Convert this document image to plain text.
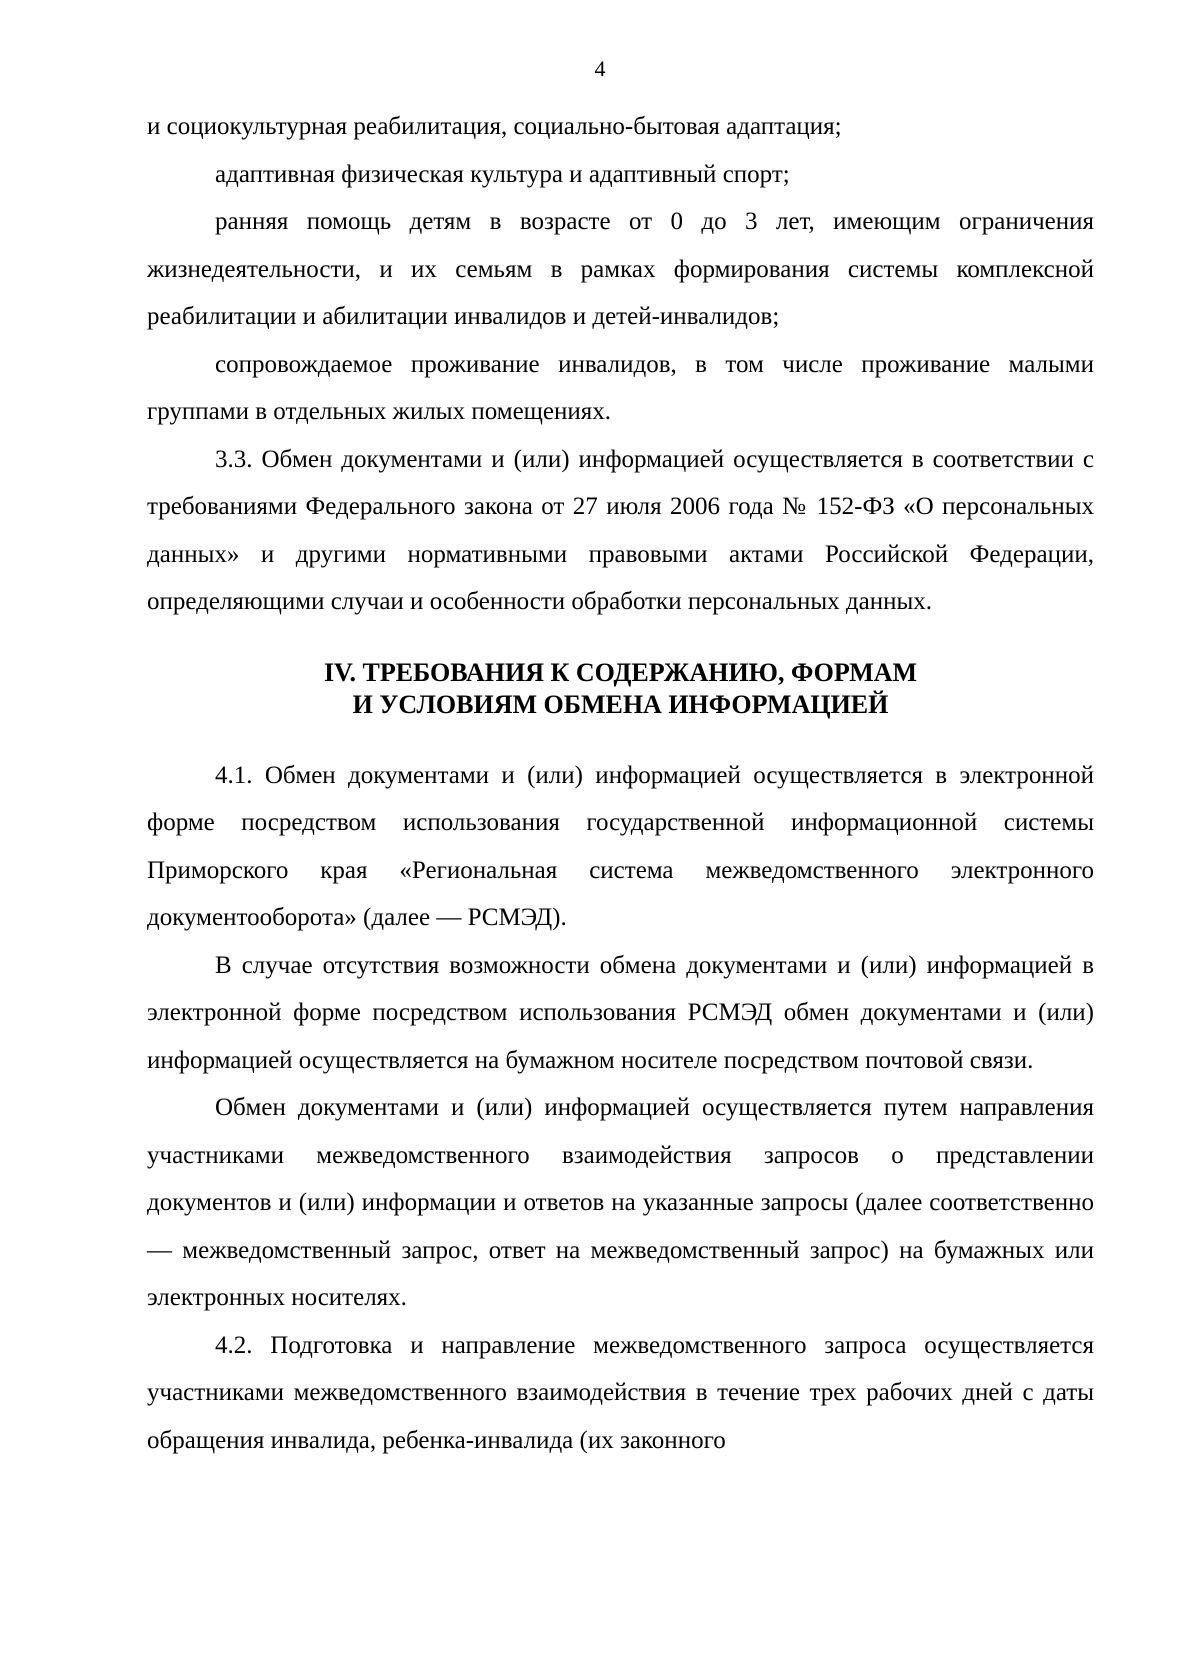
4

и социокультурная реабилитация, социально-бытовая адаптация;

адаптивная физическая культура и адаптивный спорт;

ранняя помощь детям в возрасте от 0 до 3 лет, имеющим ограничения жизнедеятельности, и их семьям в рамках формирования системы комплексной реабилитации и абилитации инвалидов и детей-инвалидов;

сопровождаемое проживание инвалидов, в том числе проживание малыми группами в отдельных жилых помещениях.

3.3. Обмен документами и (или) информацией осуществляется в соответствии с требованиями Федерального закона от 27 июля 2006 года № 152-ФЗ «О персональных данных» и другими нормативными правовыми актами Российской Федерации, определяющими случаи и особенности обработки персональных данных.

IV. ТРЕБОВАНИЯ К СОДЕРЖАНИЮ, ФОРМАМ
И УСЛОВИЯМ ОБМЕНА ИНФОРМАЦИЕЙ

4.1. Обмен документами и (или) информацией осуществляется в электронной форме посредством использования государственной информационной системы Приморского края «Региональная система межведомственного электронного документооборота» (далее — РСМЭД).

В случае отсутствия возможности обмена документами и (или) информацией в электронной форме посредством использования РСМЭД обмен документами и (или) информацией осуществляется на бумажном носителе посредством почтовой связи.

Обмен документами и (или) информацией осуществляется путем направления участниками межведомственного взаимодействия запросов о представлении документов и (или) информации и ответов на указанные запросы (далее соответственно — межведомственный запрос, ответ на межведомственный запрос) на бумажных или электронных носителях.

4.2. Подготовка и направление межведомственного запроса осуществляется участниками межведомственного взаимодействия в течение трех рабочих дней с даты обращения инвалида, ребенка-инвалида (их законного
